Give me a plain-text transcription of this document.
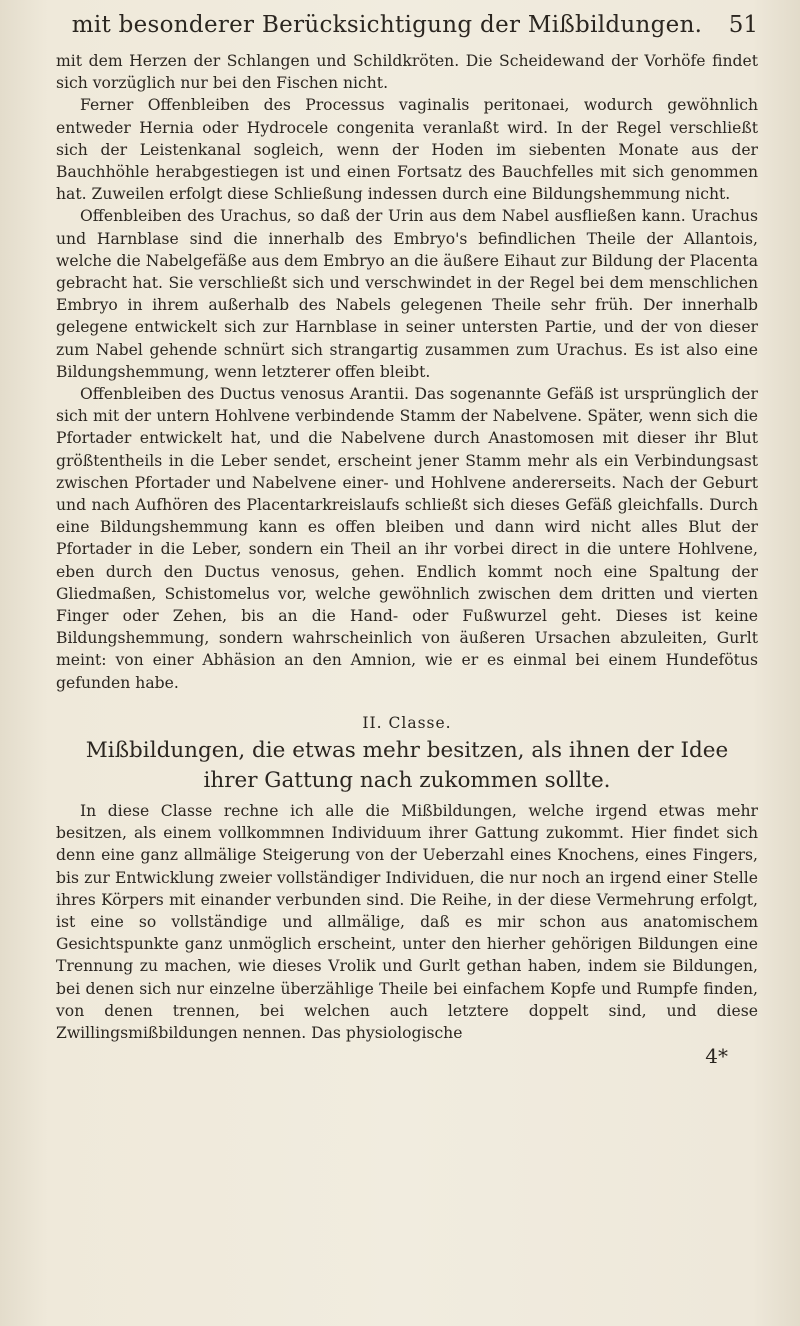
mit besonderer Berücksichtigung der Mißbildungen.	51

mit dem Herzen der Schlangen und Schildkröten. Die Scheidewand der Vorhöfe findet sich vorzüglich nur bei den Fischen nicht.

Ferner Offenbleiben des Processus vaginalis peritonaei, wodurch gewöhnlich entweder Hernia oder Hydrocele congenita veranlaßt wird. In der Regel verschließt sich der Leistenkanal sogleich, wenn der Hoden im siebenten Monate aus der Bauchhöhle herabgestiegen ist und einen Fortsatz des Bauchfelles mit sich genommen hat. Zuweilen erfolgt diese Schließung indessen durch eine Bildungshemmung nicht.

Offenbleiben des Urachus, so daß der Urin aus dem Nabel ausfließen kann. Urachus und Harnblase sind die innerhalb des Embryo's befindlichen Theile der Allantois, welche die Nabelgefäße aus dem Embryo an die äußere Eihaut zur Bildung der Placenta gebracht hat. Sie verschließt sich und verschwindet in der Regel bei dem menschlichen Embryo in ihrem außerhalb des Nabels gelegenen Theile sehr früh. Der innerhalb gelegene entwickelt sich zur Harnblase in seiner untersten Partie, und der von dieser zum Nabel gehende schnürt sich strangartig zusammen zum Urachus. Es ist also eine Bildungshemmung, wenn letzterer offen bleibt.

Offenbleiben des Ductus venosus Arantii. Das sogenannte Gefäß ist ursprünglich der sich mit der untern Hohlvene verbindende Stamm der Nabelvene. Später, wenn sich die Pfortader entwickelt hat, und die Nabelvene durch Anastomosen mit dieser ihr Blut größtentheils in die Leber sendet, erscheint jener Stamm mehr als ein Verbindungsast zwischen Pfortader und Nabelvene einer- und Hohlvene andererseits. Nach der Geburt und nach Aufhören des Placentarkreislaufs schließt sich dieses Gefäß gleichfalls. Durch eine Bildungshemmung kann es offen bleiben und dann wird nicht alles Blut der Pfortader in die Leber, sondern ein Theil an ihr vorbei direct in die untere Hohlvene, eben durch den Ductus venosus, gehen. Endlich kommt noch eine Spaltung der Gliedmaßen, Schistomelus vor, welche gewöhnlich zwischen dem dritten und vierten Finger oder Zehen, bis an die Hand- oder Fußwurzel geht. Dieses ist keine Bildungshemmung, sondern wahrscheinlich von äußeren Ursachen abzuleiten, Gurlt meint: von einer Abhäsion an den Amnion, wie er es einmal bei einem Hundefötus gefunden habe.

II. Classe.
Mißbildungen, die etwas mehr besitzen, als ihnen der Idee ihrer Gattung nach zukommen sollte.

In diese Classe rechne ich alle die Mißbildungen, welche irgend etwas mehr besitzen, als einem vollkommnen Individuum ihrer Gattung zukommt. Hier findet sich denn eine ganz allmälige Steigerung von der Ueberzahl eines Knochens, eines Fingers, bis zur Entwicklung zweier vollständiger Individuen, die nur noch an irgend einer Stelle ihres Körpers mit einander verbunden sind. Die Reihe, in der diese Vermehrung erfolgt, ist eine so vollständige und allmälige, daß es mir schon aus anatomischem Gesichtspunkte ganz unmöglich erscheint, unter den hierher gehörigen Bildungen eine Trennung zu machen, wie dieses Vrolik und Gurlt gethan haben, indem sie Bildungen, bei denen sich nur einzelne überzählige Theile bei einfachem Kopfe und Rumpfe finden, von denen trennen, bei welchen auch letztere doppelt sind, und diese Zwillingsmißbildungen nennen. Das physiologische

4*
